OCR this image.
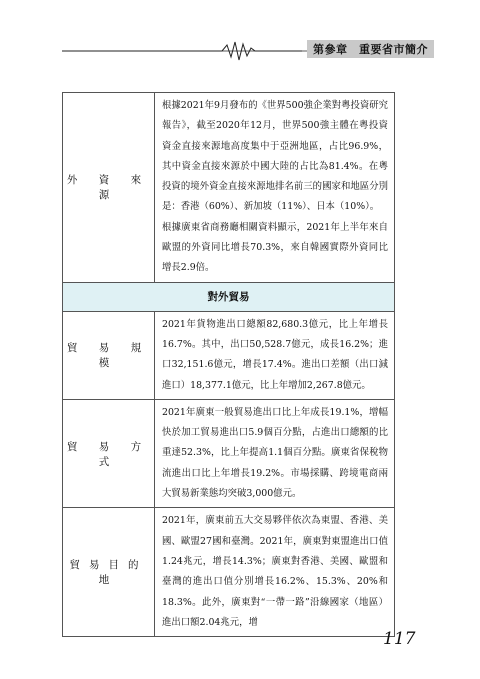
第參章　重要省市簡介
外 資 來 源	根據2021年9月發布的《世界500強企業對粵投資研究報告》，截至2020年12月，世界500強主體在粵投資資金直接來源地高度集中于亞洲地區，占比96.9%，其中資金直接來源於中國大陸的占比為81.4%。在粵投資的境外資金直接來源地排名前三的國家和地區分別是：香港（60%）、新加坡（11%）、日本（10%）。

根據廣東省商務廳相關資料顯示，2021年上半年來自歐盟的外資同比增長70.3%，來自韓國實際外資同比增長2.9倍。

對外貿易	
貿 易 規 模	2021年貨物進出口總額82,680.3億元，比上年增長16.7%。其中，出口50,528.7億元，成長16.2%；進口32,151.6億元，增長17.4%。進出口差額（出口減進口）18,377.1億元，比上年增加2,267.8億元。
貿 易 方 式	2021年廣東一般貿易進出口比上年成長19.1%，增幅快於加工貿易進出口5.9個百分點，占進出口總額的比重達52.3%，比上年提高1.1個百分點。廣東省保稅物流進出口比上年增長19.2%。市場採購、跨境電商兩大貿易新業態均突破3,000億元。
貿易目的地	2021年，廣東前五大交易夥伴依次為東盟、香港、美國、歐盟27國和臺灣。2021年，廣東對東盟進出口值1.24兆元，增長14.3%；廣東對香港、美國、歐盟和臺灣的進出口值分別增長16.2%、15.3%、20%和18.3%。此外，廣東對“一帶一路”沿線國家（地區）進出口額2.04兆元，增
117
